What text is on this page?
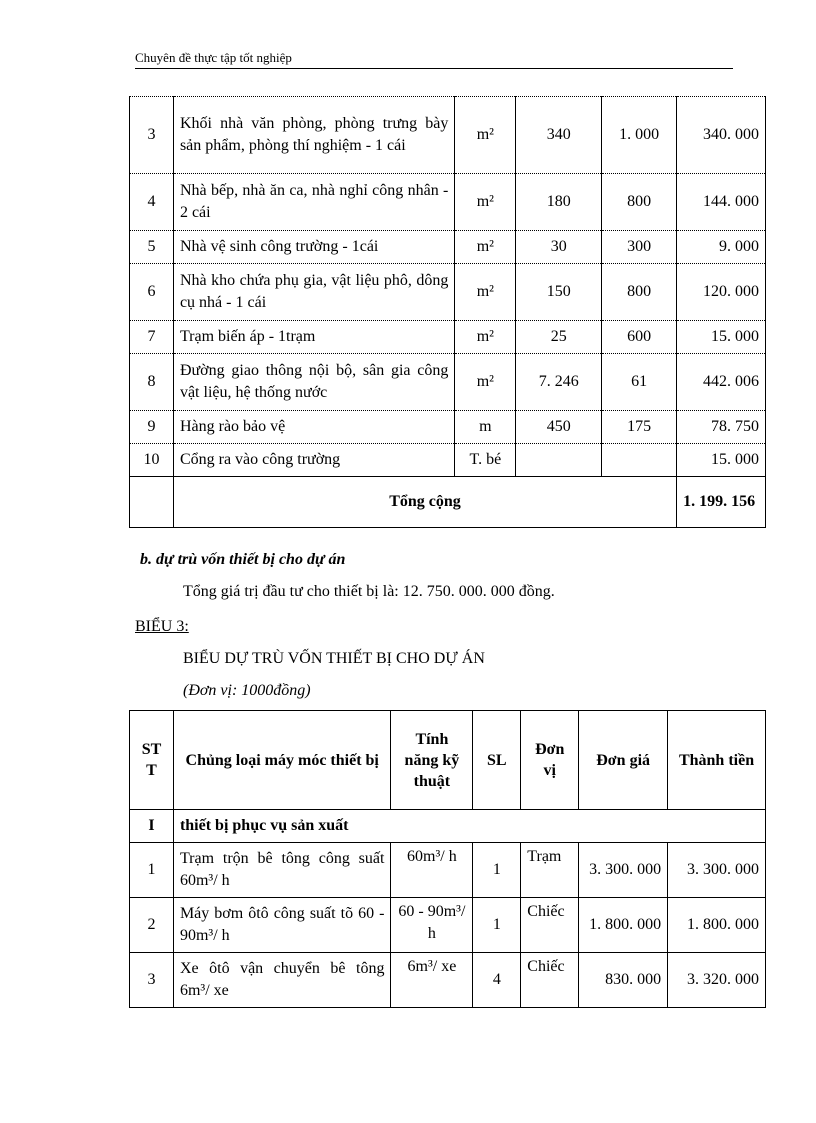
Chuyên đề thực tập tốt nghiệp
3	Khối nhà văn phòng, phòng trưng bày sản phẩm, phòng thí nghiệm - 1 cái	m²	340	1. 000	340. 000
4	Nhà bếp, nhà ăn ca, nhà nghỉ công nhân - 2 cái	m²	180	800	144. 000
5	Nhà vệ sinh công trường - 1cái	m²	30	300	9. 000
6	Nhà kho chứa phụ gia, vật liệu phô, dông cụ nhá - 1 cái	m²	150	800	120. 000
7	Trạm biến áp - 1trạm	m²	25	600	15. 000
8	Đường giao thông nội bộ, sân gia công vật liệu, hệ thống nước	m²	7. 246	61	442. 006
9	Hàng rào bảo vệ	m	450	175	78. 750
10	Cổng ra vào công trường	T. bé			15. 000
	Tổng cộng				1. 199. 156
b. dự trù vốn thiết bị cho dự án
Tổng giá trị đầu tư cho thiết bị là: 12. 750. 000. 000 đồng.
BIỂU 3:
BIỂU DỰ TRÙ VỐN THIẾT BỊ CHO DỰ ÁN
(Đơn vị: 1000đồng)
ST T	Chủng loại máy móc thiết bị	Tính năng kỹ thuật	SL	Đơn vị	Đơn giá	Thành tiền
I	thiết bị phục vụ sản xuất					
1	Trạm trộn bê tông công suất 60m³/ h	60m³/ h	1	Trạm	3. 300. 000	3. 300. 000
2	Máy bơm ôtô công suất tõ 60 - 90m³/ h	60 - 90m³/ h	1	Chiếc	1. 800. 000	1. 800. 000
3	Xe ôtô vận chuyển bê tông 6m³/ xe	6m³/ xe	4	Chiếc	830. 000	3. 320. 000
